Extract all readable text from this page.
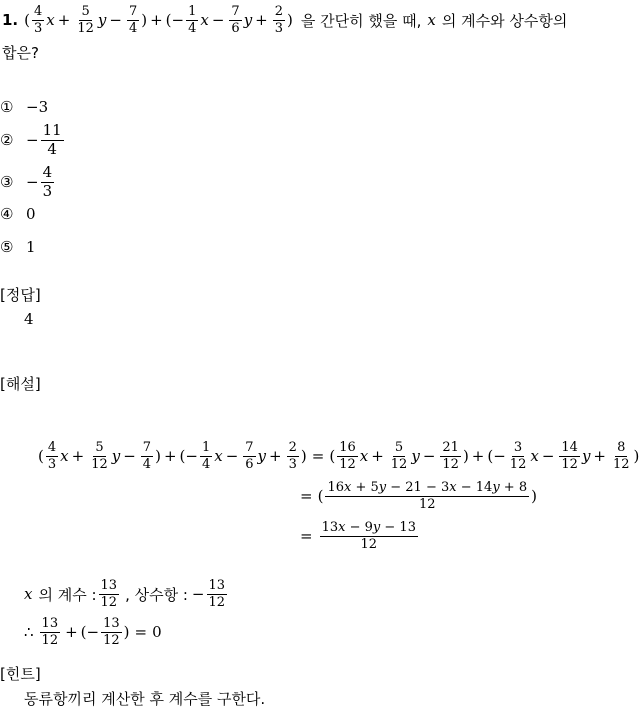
1. ( $\frac{4}{3}$ $x + \frac{5}{12}$ $y - \frac{7}{4}$ ) + (− $\frac{1}{4}$ $x - \frac{7}{6}$ $y + \frac{2}{3}$ ) 을 간단히 했을 때, x 의 계수와 상수항의
합은?
① −3
② − $\frac{11}{4}$
③ − $\frac{4}{3}$
④ 0
⑤ 1
[정답]
4
[해설]
( $\frac{4}{3}$ $x + \frac{5}{12}$ $y - \frac{7}{4}$ ) + (− $\frac{1}{4}$ $x - \frac{7}{6}$ $y + \frac{2}{3}$ ) = ( $\frac{16}{12}$ $x + \frac{5}{12}$ $y - \frac{21}{12}$ ) + (− $\frac{3}{12}$ $x - \frac{14}{12}$ $y + \frac{8}{12}$ )
= ( $\frac{16x + 5y - 21 - 3x - 14y + 8}{12}$ )
= $\frac{13x - 9y - 13}{12}$
x 의 계수 : $\frac{13}{12}$ , 상수항 : − $\frac{13}{12}$
∴ $\frac{13}{12}$ + (− $\frac{13}{12}$ ) = 0
[힌트]
동류항끼리 계산한 후 계수를 구한다.
